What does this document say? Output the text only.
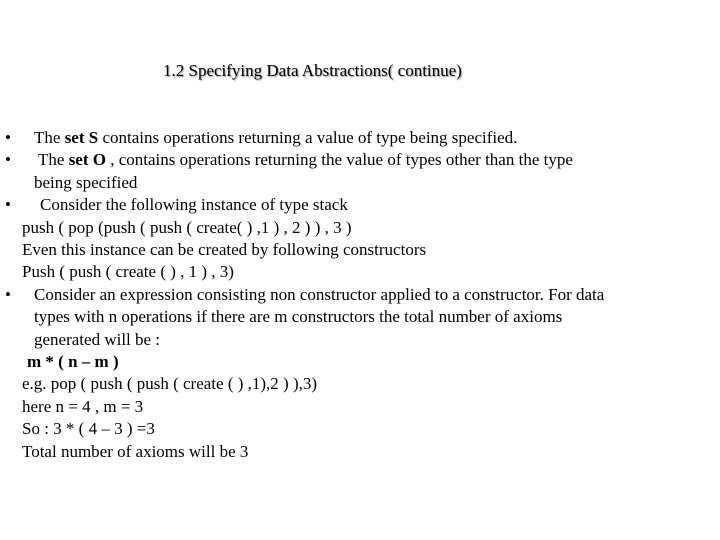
1.2 Specifying Data Abstractions( continue)
• The set S contains operations returning a value of type being specified.
• The set O , contains operations returning the value of types other than the type
being specified
• Consider the following instance of type stack
push ( pop (push ( push ( create( ) ,1 ) , 2 ) ) , 3 )
Even this instance can be created by following constructors
Push ( push ( create ( ) , 1 ) , 3)
• Consider an expression consisting non constructor applied to a constructor. For data
types with n operations if there are m constructors the total number of axioms
generated will be :
m * ( n – m )
e.g. pop ( push ( push ( create ( ) ,1),2 ) ),3)
here n = 4 , m = 3
So : 3 * ( 4 – 3 ) =3
Total number of axioms will be 3
